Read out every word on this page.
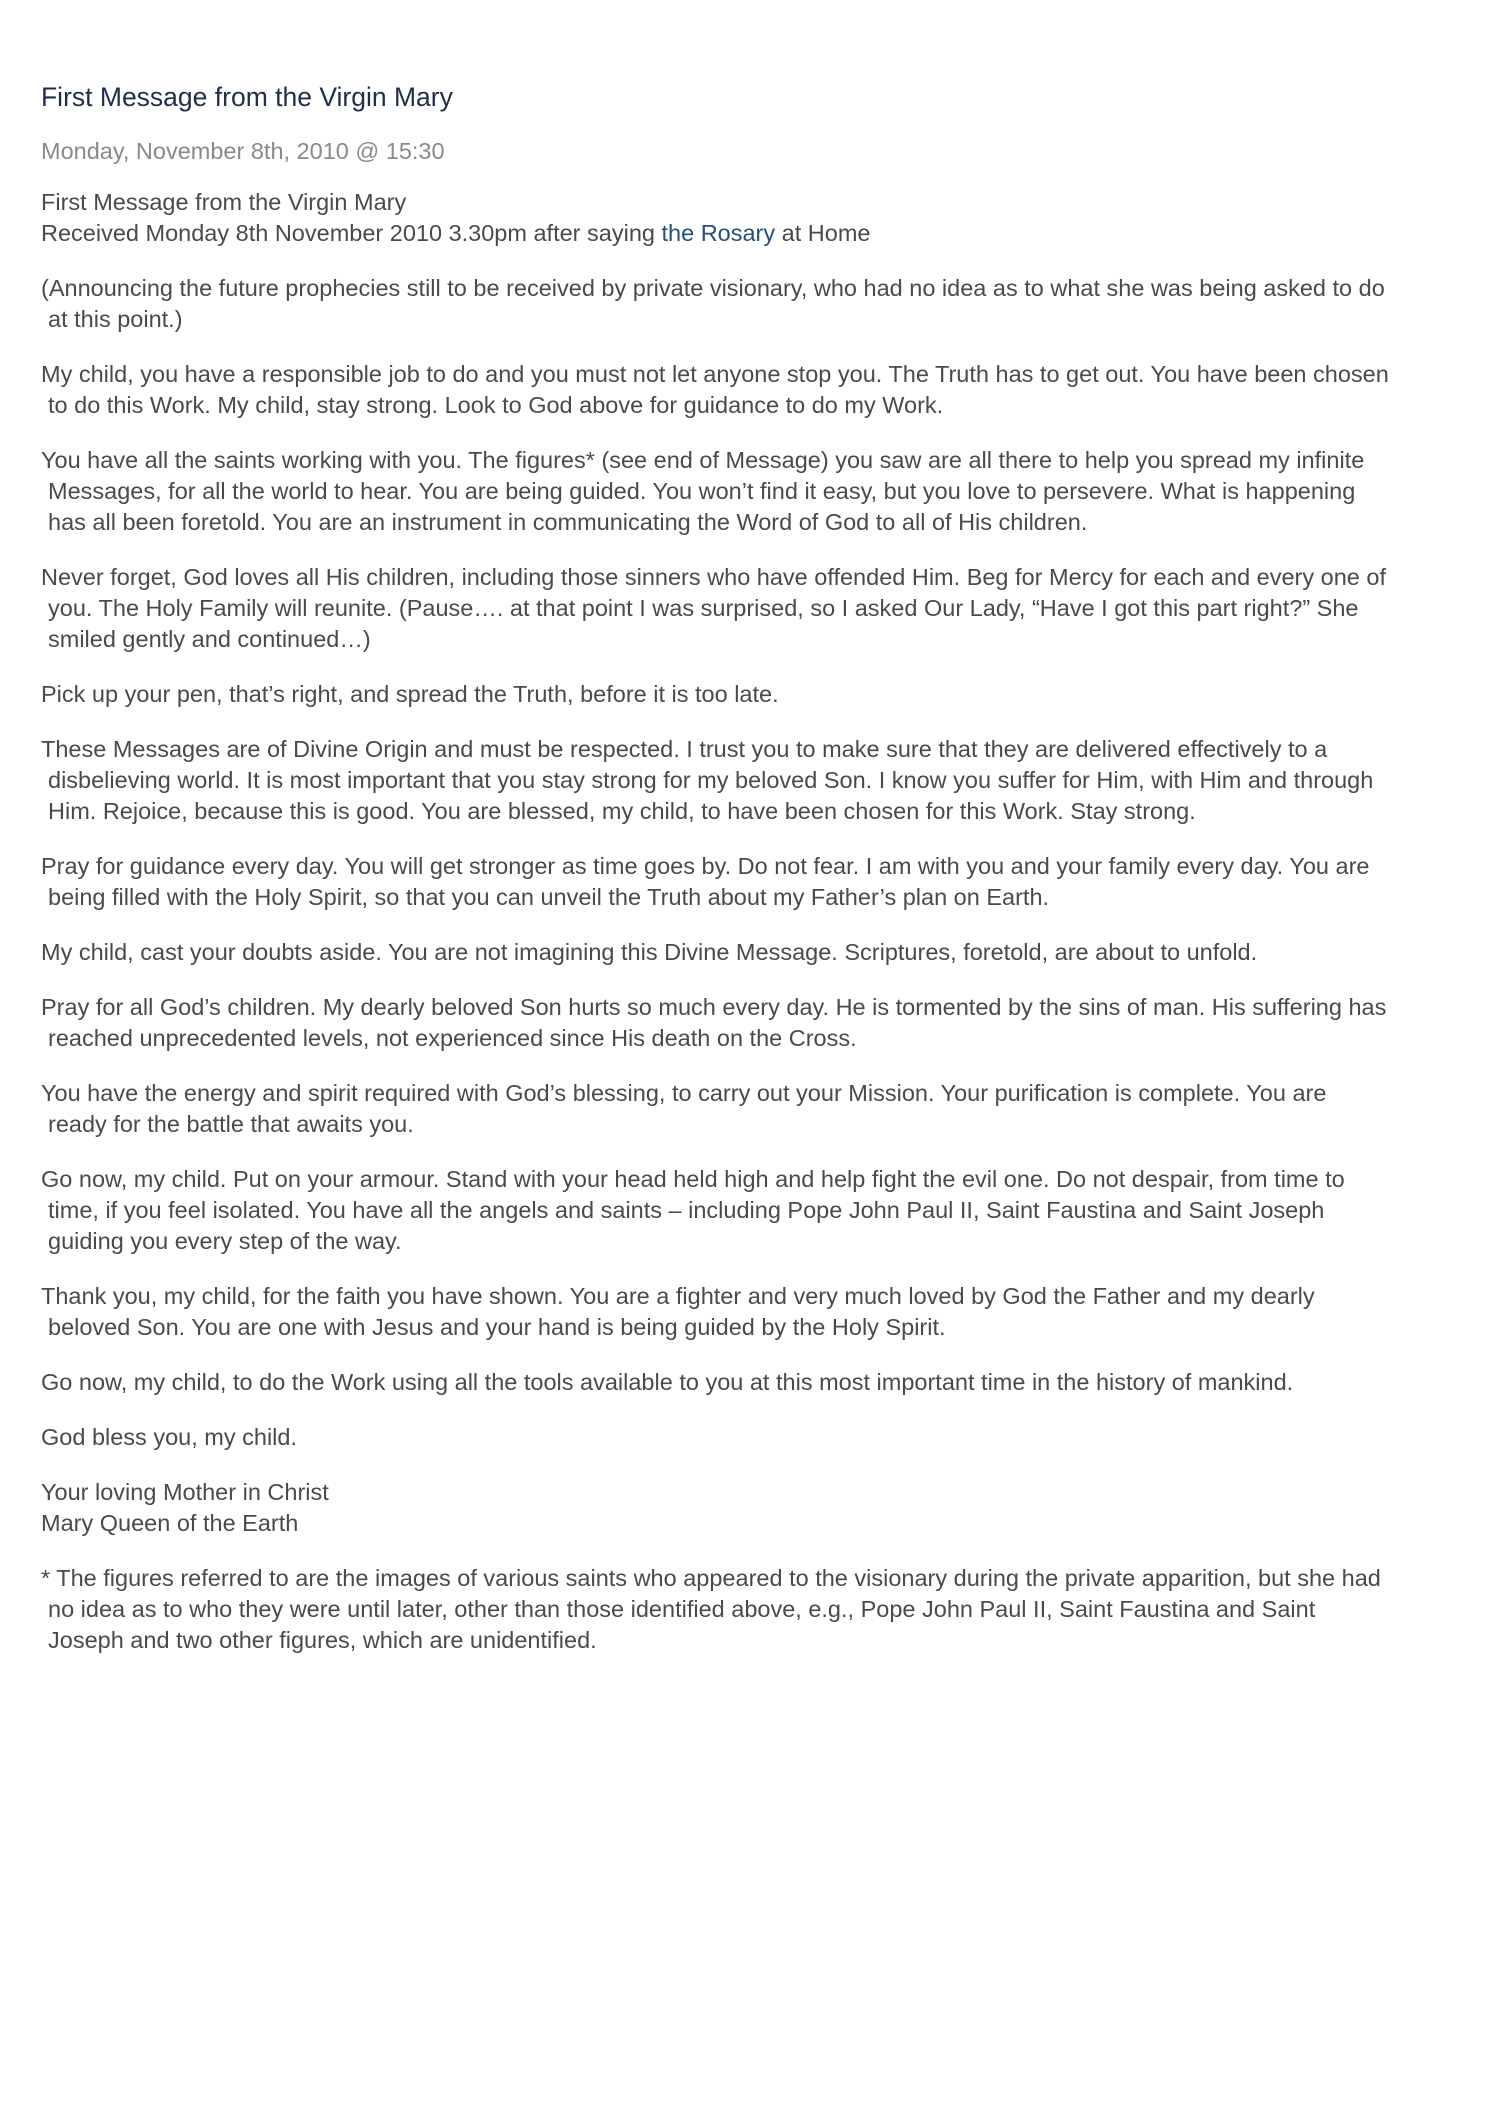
First Message from the Virgin Mary
Monday, November 8th, 2010 @ 15:30

First Message from the Virgin Mary
Received Monday 8th November 2010 3.30pm after saying the Rosary at Home

(Announcing the future prophecies still to be received by private visionary, who had no idea as to what she was being asked to do
at this point.)

My child, you have a responsible job to do and you must not let anyone stop you. The Truth has to get out. You have been chosen
to do this Work. My child, stay strong. Look to God above for guidance to do my Work.

You have all the saints working with you. The figures* (see end of Message) you saw are all there to help you spread my infinite
Messages, for all the world to hear. You are being guided. You won’t find it easy, but you love to persevere. What is happening
has all been foretold. You are an instrument in communicating the Word of God to all of His children.

Never forget, God loves all His children, including those sinners who have offended Him. Beg for Mercy for each and every one of
you. The Holy Family will reunite. (Pause…. at that point I was surprised, so I asked Our Lady, “Have I got this part right?” She
smiled gently and continued…)

Pick up your pen, that’s right, and spread the Truth, before it is too late.

These Messages are of Divine Origin and must be respected. I trust you to make sure that they are delivered effectively to a
disbelieving world. It is most important that you stay strong for my beloved Son. I know you suffer for Him, with Him and through
Him. Rejoice, because this is good. You are blessed, my child, to have been chosen for this Work. Stay strong.

Pray for guidance every day. You will get stronger as time goes by. Do not fear. I am with you and your family every day. You are
being filled with the Holy Spirit, so that you can unveil the Truth about my Father’s plan on Earth.

My child, cast your doubts aside. You are not imagining this Divine Message. Scriptures, foretold, are about to unfold.

Pray for all God’s children. My dearly beloved Son hurts so much every day. He is tormented by the sins of man. His suffering has
reached unprecedented levels, not experienced since His death on the Cross.

You have the energy and spirit required with God’s blessing, to carry out your Mission. Your purification is complete. You are
ready for the battle that awaits you.

Go now, my child. Put on your armour. Stand with your head held high and help fight the evil one. Do not despair, from time to
time, if you feel isolated. You have all the angels and saints – including Pope John Paul II, Saint Faustina and Saint Joseph
guiding you every step of the way.

Thank you, my child, for the faith you have shown. You are a fighter and very much loved by God the Father and my dearly
beloved Son. You are one with Jesus and your hand is being guided by the Holy Spirit.

Go now, my child, to do the Work using all the tools available to you at this most important time in the history of mankind.

God bless you, my child.

Your loving Mother in Christ
Mary Queen of the Earth

* The figures referred to are the images of various saints who appeared to the visionary during the private apparition, but she had
no idea as to who they were until later, other than those identified above, e.g., Pope John Paul II, Saint Faustina and Saint
Joseph and two other figures, which are unidentified.
